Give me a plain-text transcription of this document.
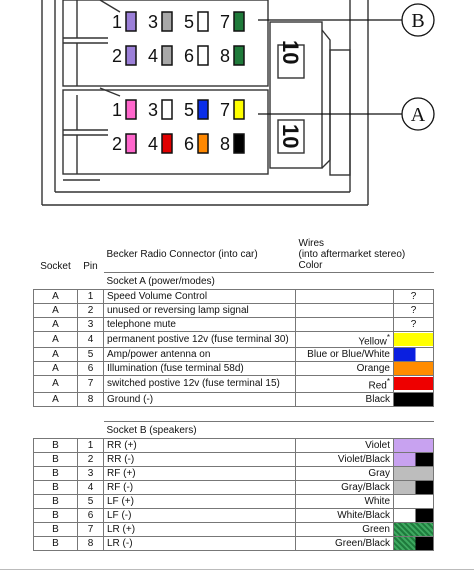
1 3 5 7
2 4 6 8
1 3 5 7
2 4 6 8
10
10
B
A
Socket	Pin	Becker Radio Connector (into car)	Wires
(into aftermarket stereo)
Color	

		Socket A (power/modes)		
A	1	Speed Volume Control		?
A	2	unused or reversing lamp signal		?
A	3	telephone mute		?
A	4	permanent postive 12v (fuse terminal 30)	Yellow*	

A	5	Amp/power antenna on	Blue or Blue/White	

A	6	Illumination (fuse terminal 58d)	Orange	

A	7	switched postive 12v (fuse terminal 15)	Red*	

A	8	Ground (-)	Black	

		Socket B (speakers)		
B	1	RR (+)	Violet	

B	2	RR (-)	Violet/Black	

B	3	RF (+)	Gray	

B	4	RF (-)	Gray/Black	

B	5	LF (+)	White	

B	6	LF (-)	White/Black	

B	7	LR (+)	Green	

B	8	LR (-)	Green/Black	
